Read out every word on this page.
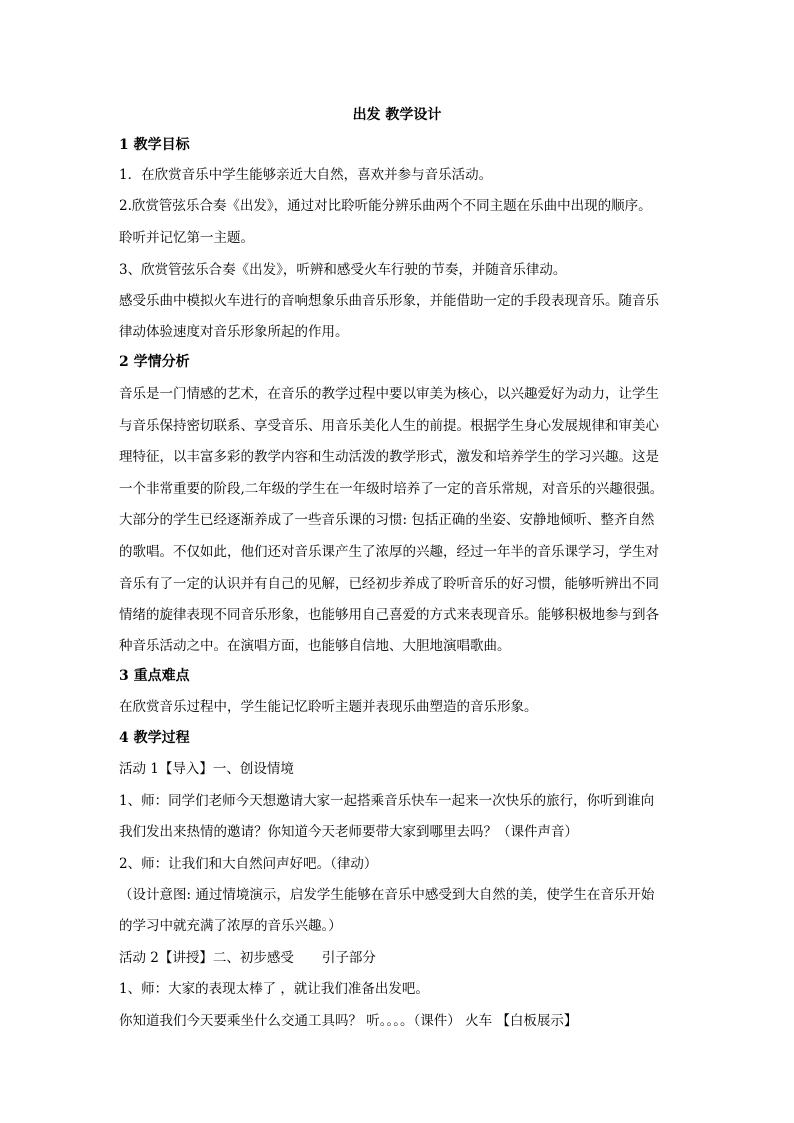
出发 教学设计
1 教学目标
1．在欣赏音乐中学生能够亲近大自然，喜欢并参与音乐活动。
2.欣赏管弦乐合奏《出发》，通过对比聆听能分辨乐曲两个不同主题在乐曲中出现的顺序。
聆听并记忆第一主题。
3、欣赏管弦乐合奏《出发》，听辨和感受火车行驶的节奏，并随音乐律动。
感受乐曲中模拟火车进行的音响想象乐曲音乐形象，并能借助一定的手段表现音乐。随音乐
律动体验速度对音乐形象所起的作用。
2 学情分析
音乐是一门情感的艺术，在音乐的教学过程中要以审美为核心，以兴趣爱好为动力，让学生
与音乐保持密切联系、享受音乐、用音乐美化人生的前提。根据学生身心发展规律和审美心
理特征，以丰富多彩的教学内容和生动活泼的教学形式，激发和培养学生的学习兴趣。这是
一个非常重要的阶段,二年级的学生在一年级时培养了一定的音乐常规，对音乐的兴趣很强。
大部分的学生已经逐渐养成了一些音乐课的习惯: 包括正确的坐姿、安静地倾听、整齐自然
的歌唱。不仅如此，他们还对音乐课产生了浓厚的兴趣，经过一年半的音乐课学习，学生对
音乐有了一定的认识并有自己的见解，已经初步养成了聆听音乐的好习惯，能够听辨出不同
情绪的旋律表现不同音乐形象，也能够用自己喜爱的方式来表现音乐。能够积极地参与到各
种音乐活动之中。在演唱方面，也能够自信地、大胆地演唱歌曲。
3 重点难点
在欣赏音乐过程中，学生能记忆聆听主题并表现乐曲塑造的音乐形象。
4 教学过程
活动 1【导入】一、创设情境
1、师：同学们老师今天想邀请大家一起搭乘音乐快车一起来一次快乐的旅行，你听到谁向
我们发出来热情的邀请？你知道今天老师要带大家到哪里去吗？（课件声音）
2、师：让我们和大自然问声好吧。（律动）
（设计意图: 通过情境演示，启发学生能够在音乐中感受到大自然的美，使学生在音乐开始
的学习中就充满了浓厚的音乐兴趣。）
活动 2【讲授】二、初步感受 引子部分
1、师：大家的表现太棒了 ，就让我们准备出发吧。
你知道我们今天要乘坐什么交通工具吗？ 听。。。。（课件） 火车 【白板展示】
